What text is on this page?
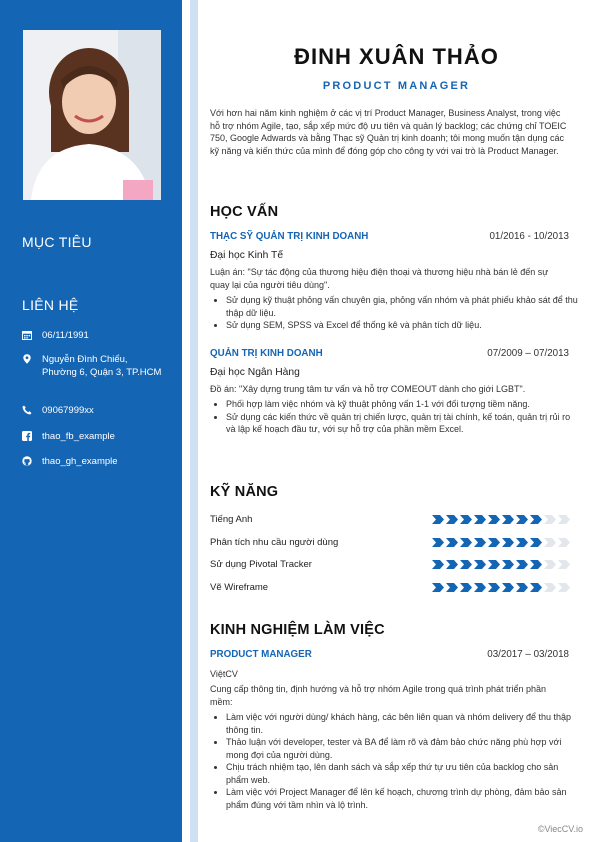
MỤC TIÊU
LIÊN HỆ
06/11/1991
Nguyễn Đình Chiểu, Phường 6, Quận 3, TP.HCM
09067999xx
thao_fb_example
thao_gh_example
ĐINH XUÂN THẢO
PRODUCT MANAGER
Với hơn hai năm kinh nghiệm ở các vị trí Product Manager, Business Analyst, trong việc hỗ trợ nhóm Agile, tạo, sắp xếp mức độ ưu tiên và quản lý backlog; các chứng chỉ TOEIC 750, Google Adwards và bằng Thạc sỹ Quản trị kinh doanh; tôi mong muốn tận dụng các kỹ năng và kiến thức của mình để đóng góp cho công ty với vai trò là Product Manager.
HỌC VẤN
THẠC SỸ QUẢN TRỊ KINH DOANH	01/2016 - 10/2013
Đại học Kinh Tế
Luận án: "Sự tác động của thương hiệu điện thoại và thương hiệu nhà bán lẻ đến sự quay lại của người tiêu dùng".
• Sử dụng kỹ thuật phỏng vấn chuyên gia, phỏng vấn nhóm và phát phiếu khảo sát để thu thập dữ liệu.
• Sử dụng SEM, SPSS và Excel để thống kê và phân tích dữ liệu.
QUẢN TRỊ KINH DOANH	07/2009 – 07/2013
Đại học Ngân Hàng
Đồ án: "Xây dựng trung tâm tư vấn và hỗ trợ COMEOUT dành cho giới LGBT".
• Phối hợp làm việc nhóm và kỹ thuật phỏng vấn 1-1 với đối tượng tiềm năng.
• Sử dụng các kiến thức về quản trị chiến lược, quản trị tài chính, kế toán, quản trị rủi ro và lập kế hoạch đầu tư, với sự hỗ trợ của phần mềm Excel.
KỸ NĂNG
Tiếng Anh
Phân tích nhu cầu người dùng
Sử dụng Pivotal Tracker
Vẽ Wireframe
KINH NGHIỆM LÀM VIỆC
PRODUCT MANAGER	03/2017 – 03/2018
ViệtCV
Cung cấp thông tin, định hướng và hỗ trợ nhóm Agile trong quá trình phát triển phần mềm:
• Làm việc với người dùng/ khách hàng, các bên liên quan và nhóm delivery để thu thập thông tin.
• Thảo luận với developer, tester và BA để làm rõ và đảm bảo chức năng phù hợp với mong đợi của người dùng.
• Chịu trách nhiệm tạo, lên danh sách và sắp xếp thứ tự ưu tiên của backlog cho sản phẩm web.
• Làm việc với Project Manager để lên kế hoạch, chương trình dự phòng, đảm bảo sản phẩm đúng với tầm nhìn và lộ trình.
©ViecCV.io
